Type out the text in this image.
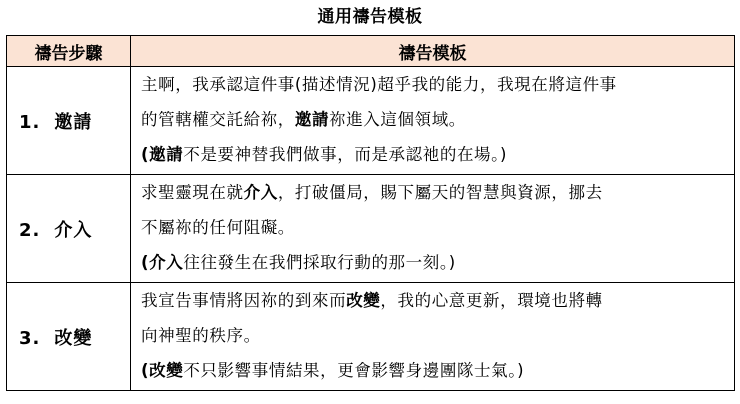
通用禱告模板
禱告步驟	禱告模板
1. 邀請	主啊，我承認這件事(描述情況)超乎我的能力，我現在將這件事
的管轄權交託給祢，邀請祢進入這個領域。
(邀請不是要神替我們做事，而是承認祂的在場。)

2. 介入	求聖靈現在就介入，打破僵局，賜下屬天的智慧與資源，挪去
不屬祢的任何阻礙。
(介入往往發生在我們採取行動的那一刻。)

3. 改變	我宣告事情將因祢的到來而改變，我的心意更新，環境也將轉
向神聖的秩序。
(改變不只影響事情結果，更會影響身邊團隊士氣。)
